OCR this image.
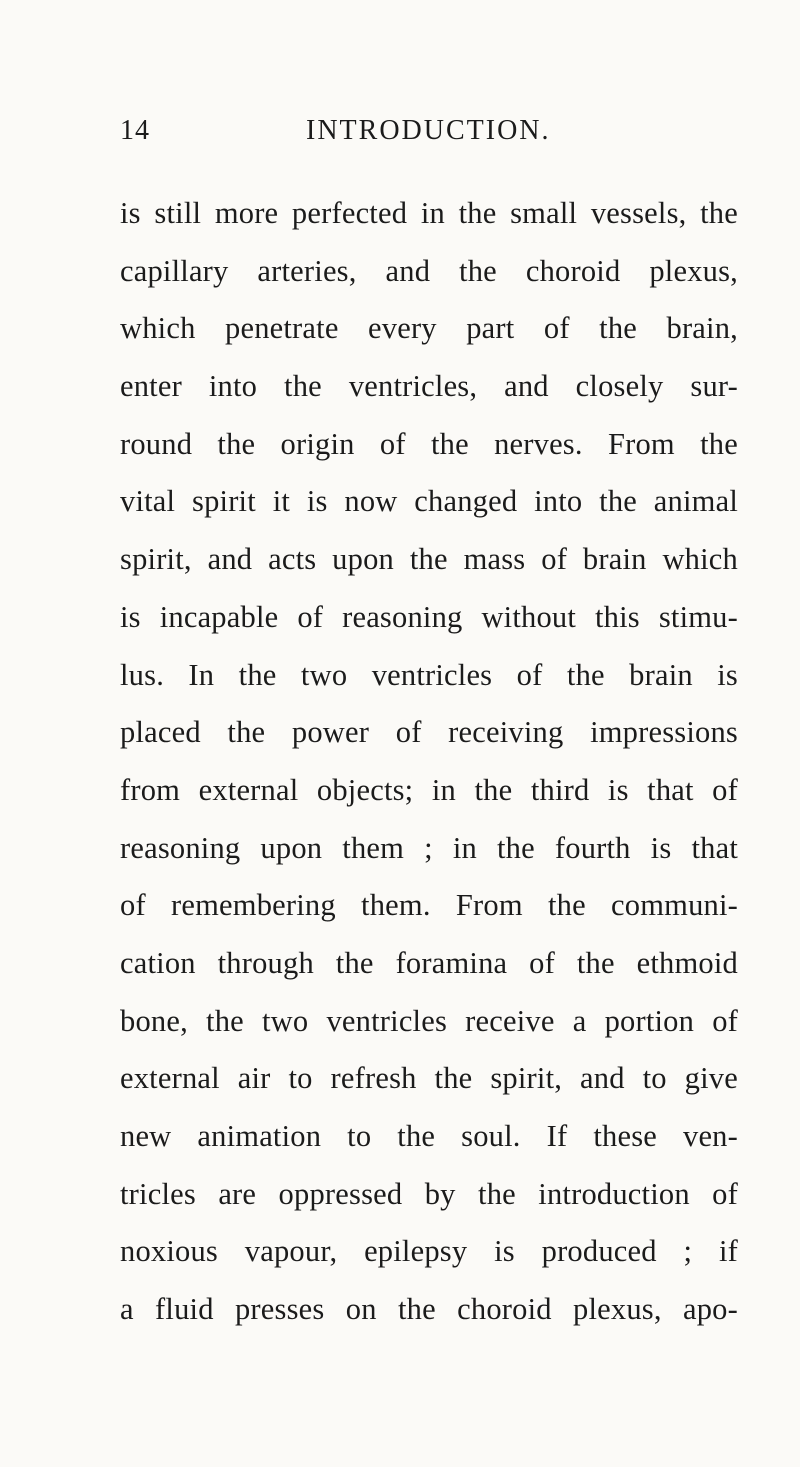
14	INTRODUCTION.
is still more perfected in the small vessels, the
capillary arteries, and the choroid plexus,
which penetrate every part of the brain,
enter into the ventricles, and closely sur-
round the origin of the nerves. From the
vital spirit it is now changed into the animal
spirit, and acts upon the mass of brain which
is incapable of reasoning without this stimu-
lus. In the two ventricles of the brain is
placed the power of receiving impressions
from external objects; in the third is that of
reasoning upon them ; in the fourth is that
of remembering them. From the communi-
cation through the foramina of the ethmoid
bone, the two ventricles receive a portion of
external air to refresh the spirit, and to give
new animation to the soul. If these ven-
tricles are oppressed by the introduction of
noxious vapour, epilepsy is produced ; if
a fluid presses on the choroid plexus, apo-
